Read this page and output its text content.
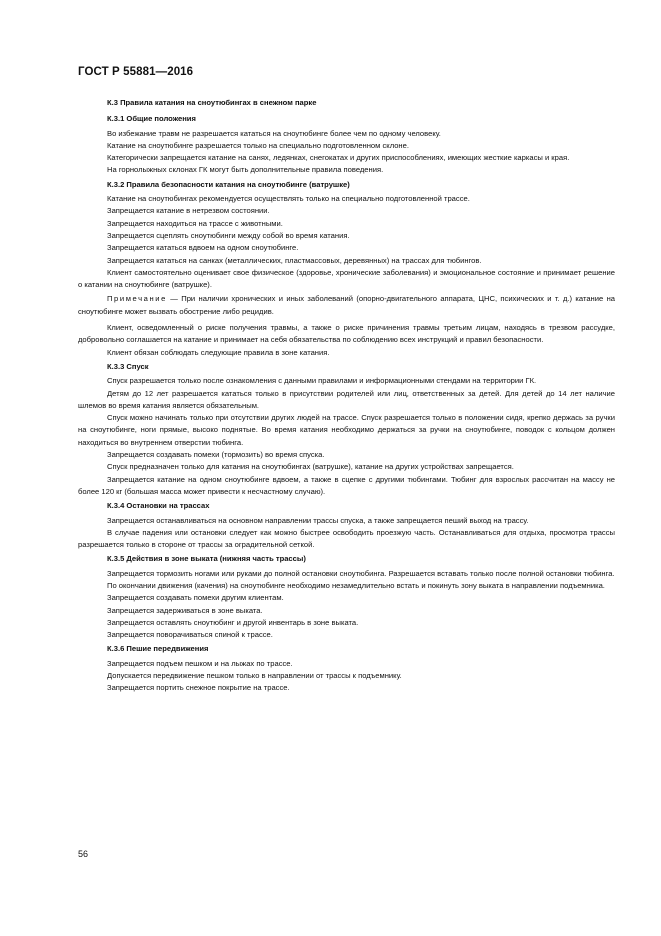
ГОСТ Р 55881—2016

К.3 Правила катания на сноутюбингах в снежном парке

К.3.1 Общие положения

Во избежание травм не разрешается кататься на сноутюбинге более чем по одному человеку.

Катание на сноутюбинге разрешается только на специально подготовленном склоне.

Категорически запрещается катание на санях, ледянках, снегокатах и других приспособлениях, имеющих жесткие каркасы и края.

На горнолыжных склонах ГК могут быть дополнительные правила поведения.

К.3.2 Правила безопасности катания на сноутюбинге (ватрушке)

Катание на сноутюбингах рекомендуется осуществлять только на специально подготовленной трассе.

Запрещается катание в нетрезвом состоянии.

Запрещается находиться на трассе с животными.

Запрещается сцеплять сноутюбинги между собой во время катания.

Запрещается кататься вдвоем на одном сноутюбинге.

Запрещается кататься на санках (металлических, пластмассовых, деревянных) на трассах для тюбингов.

Клиент самостоятельно оценивает свое физическое (здоровье, хронические заболевания) и эмоциональное состояние и принимает решение о катании на сноутюбинге (ватрушке).

Примечание — При наличии хронических и иных заболеваний (опорно-двигательного аппарата, ЦНС, психических и т. д.) катание на сноутюбинге может вызвать обострение либо рецидив.

Клиент, осведомленный о риске получения травмы, а также о риске причинения травмы третьим лицам, находясь в трезвом рассудке, добровольно соглашается на катание и принимает на себя обязательства по соблюдению всех инструкций и правил безопасности.

Клиент обязан соблюдать следующие правила в зоне катания.

К.3.3 Спуск

Спуск разрешается только после ознакомления с данными правилами и информационными стендами на территории ГК.

Детям до 12 лет разрешается кататься только в присутствии родителей или лиц, ответственных за детей. Для детей до 14 лет наличие шлемов во время катания является обязательным.

Спуск можно начинать только при отсутствии других людей на трассе. Спуск разрешается только в положении сидя, крепко держась за ручки на сноутюбинге, ноги прямые, высоко поднятые. Во время катания необходимо держаться за ручки на сноутюбинге, поводок с кольцом должен находиться во внутреннем отверстии тюбинга.

Запрещается создавать помехи (тормозить) во время спуска.

Спуск предназначен только для катания на сноутюбингах (ватрушке), катание на других устройствах запрещается.

Запрещается катание на одном сноутюбинге вдвоем, а также в сцепке с другими тюбингами. Тюбинг для взрослых рассчитан на массу не более 120 кг (большая масса может привести к несчастному случаю).

К.3.4 Остановки на трассах

Запрещается останавливаться на основном направлении трассы спуска, а также запрещается пеший выход на трассу.

В случае падения или остановки следует как можно быстрее освободить проезжую часть. Останавливаться для отдыха, просмотра трассы разрешается только в стороне от трассы за оградительной сеткой.

К.3.5 Действия в зоне выката (нижняя часть трассы)

Запрещается тормозить ногами или руками до полной остановки сноутюбинга. Разрешается вставать только после полной остановки тюбинга.

По окончании движения (качения) на сноутюбинге необходимо незамедлительно встать и покинуть зону выката в направлении подъемника.

Запрещается создавать помехи другим клиентам.

Запрещается задерживаться в зоне выката.

Запрещается оставлять сноутюбинг и другой инвентарь в зоне выката.

Запрещается поворачиваться спиной к трассе.

К.3.6 Пешие передвижения

Запрещается подъем пешком и на лыжах по трассе.

Допускается передвижение пешком только в направлении от трассы к подъемнику.

Запрещается портить снежное покрытие на трассе.

56
